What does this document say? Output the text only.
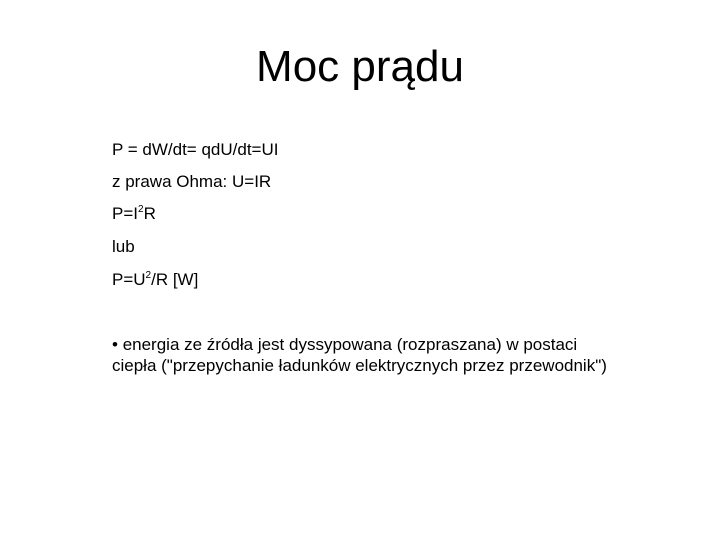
Moc prądu
P = dW/dt= qdU/dt=UI
z prawa Ohma: U=IR
$P=I^2R$
lub
$P=U^2/R$ [W]
• energia ze źródła jest dyssypowana (rozpraszana) w postaci
ciepła ("przepychanie ładunków elektrycznych przez przewodnik")
